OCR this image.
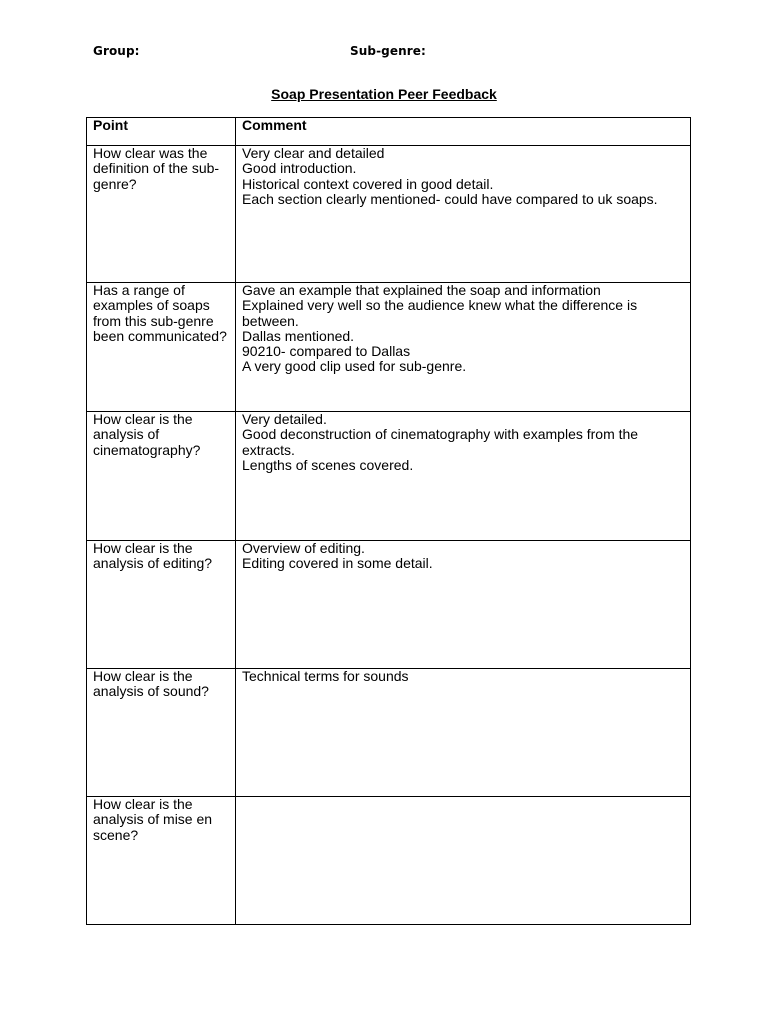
Group:	Sub-genre:
Soap Presentation Peer Feedback
Point	Comment
How clear was the definition of the sub-genre?	Very clear and detailed
Good introduction.
Historical context covered in good detail.
Each section clearly mentioned- could have compared to uk soaps.

Has a range of examples of soaps from this sub-genre been communicated?	Gave an example that explained the soap and information
Explained very well so the audience knew what the difference is between.
Dallas mentioned.
90210- compared to Dallas
A very good clip used for sub-genre.

How clear is the analysis of cinematography?	Very detailed.
Good deconstruction of cinematography with examples from the extracts.
Lengths of scenes covered.

How clear is the analysis of editing?	Overview of editing.
Editing covered in some detail.

How clear is the analysis of sound?	Technical terms for sounds

How clear is the analysis of mise en scene?	
